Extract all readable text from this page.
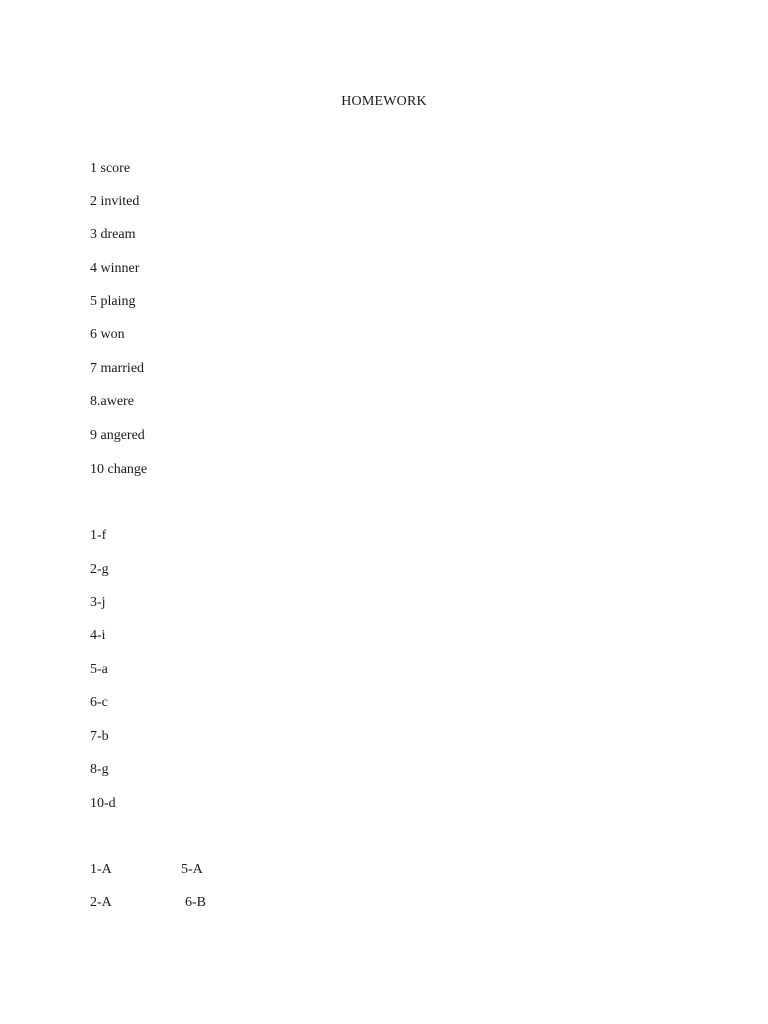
HOMEWORK
1 score
2 invited
3 dream
4 winner
5 plaing
6 won
7 married
8.awere
9 angered
10 change
1-f
2-g
3-j
4-i
5-a
6-c
7-b
8-g
10-d
1-A	5-A
2-A	6-B
